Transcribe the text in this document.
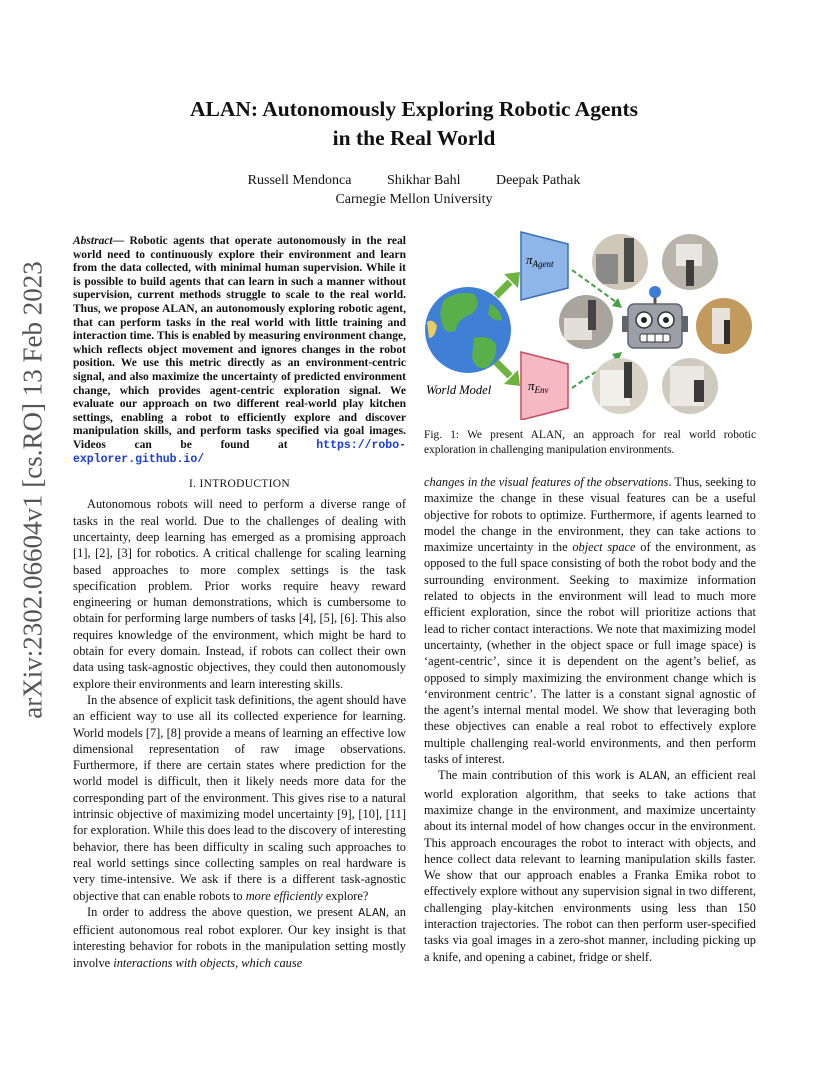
arXiv:2302.06604v1 [cs.RO] 13 Feb 2023
ALAN: Autonomously Exploring Robotic Agents
in the Real World
Russell Mendonca	Shikhar Bahl	Deepak Pathak
Carnegie Mellon University
Abstract— Robotic agents that operate autonomously in the real world need to continuously explore their environment and learn from the data collected, with minimal human supervision. While it is possible to build agents that can learn in such a manner without supervision, current methods struggle to scale to the real world. Thus, we propose ALAN, an autonomously exploring robotic agent, that can perform tasks in the real world with little training and interaction time. This is enabled by measuring environment change, which reflects object movement and ignores changes in the robot position. We use this metric directly as an environment-centric signal, and also maximize the uncertainty of predicted environment change, which provides agent-centric exploration signal. We evaluate our approach on two different real-world play kitchen settings, enabling a robot to efficiently explore and discover manipulation skills, and perform tasks specified via goal images. Videos can be found at https://robo-explorer.github.io/
I. INTRODUCTION

Autonomous robots will need to perform a diverse range of tasks in the real world. Due to the challenges of dealing with uncertainty, deep learning has emerged as a promising approach [1], [2], [3] for robotics. A critical challenge for scaling learning based approaches to more complex settings is the task specification problem. Prior works require heavy reward engineering or human demonstrations, which is cumbersome to obtain for performing large numbers of tasks [4], [5], [6]. This also requires knowledge of the environment, which might be hard to obtain for every domain. Instead, if robots can collect their own data using task-agnostic objectives, they could then autonomously explore their environments and learn interesting skills.

In the absence of explicit task definitions, the agent should have an efficient way to use all its collected experience for learning. World models [7], [8] provide a means of learning an effective low dimensional representation of raw image observations. Furthermore, if there are certain states where prediction for the world model is difficult, then it likely needs more data for the corresponding part of the environment. This gives rise to a natural intrinsic objective of maximizing model uncertainty [9], [10], [11] for exploration. While this does lead to the discovery of interesting behavior, there has been difficulty in scaling such approaches to real world settings since collecting samples on real hardware is very time-intensive. We ask if there is a different task-agnostic objective that can enable robots to more efficiently explore?

In order to address the above question, we present ALAN, an efficient autonomous real robot explorer. Our key insight is that interesting behavior for robots in the manipulation setting mostly involve interactions with objects, which cause

World Model
$\pi_{Agent}$
$\pi_{Env}$
Fig. 1: We present ALAN, an approach for real world robotic exploration in challenging manipulation environments.

changes in the visual features of the observations. Thus, seeking to maximize the change in these visual features can be a useful objective for robots to optimize. Furthermore, if agents learned to model the change in the environment, they can take actions to maximize uncertainty in the object space of the environment, as opposed to the full space consisting of both the robot body and the surrounding environment. Seeking to maximize information related to objects in the environment will lead to much more efficient exploration, since the robot will prioritize actions that lead to richer contact interactions. We note that maximizing model uncertainty, (whether in the object space or full image space) is ‘agent-centric’, since it is dependent on the agent’s belief, as opposed to simply maximizing the environment change which is ‘environment centric’. The latter is a constant signal agnostic of the agent’s internal mental model. We show that leveraging both these objectives can enable a real robot to effectively explore multiple challenging real-world environments, and then perform tasks of interest.

The main contribution of this work is ALAN, an efficient real world exploration algorithm, that seeks to take actions that maximize change in the environment, and maximize uncertainty about its internal model of how changes occur in the environment. This approach encourages the robot to interact with objects, and hence collect data relevant to learning manipulation skills faster. We show that our approach enables a Franka Emika robot to effectively explore without any supervision signal in two different, challenging play-kitchen environments using less than 150 interaction trajectories. The robot can then perform user-specified tasks via goal images in a zero-shot manner, including picking up a knife, and opening a cabinet, fridge or shelf.
